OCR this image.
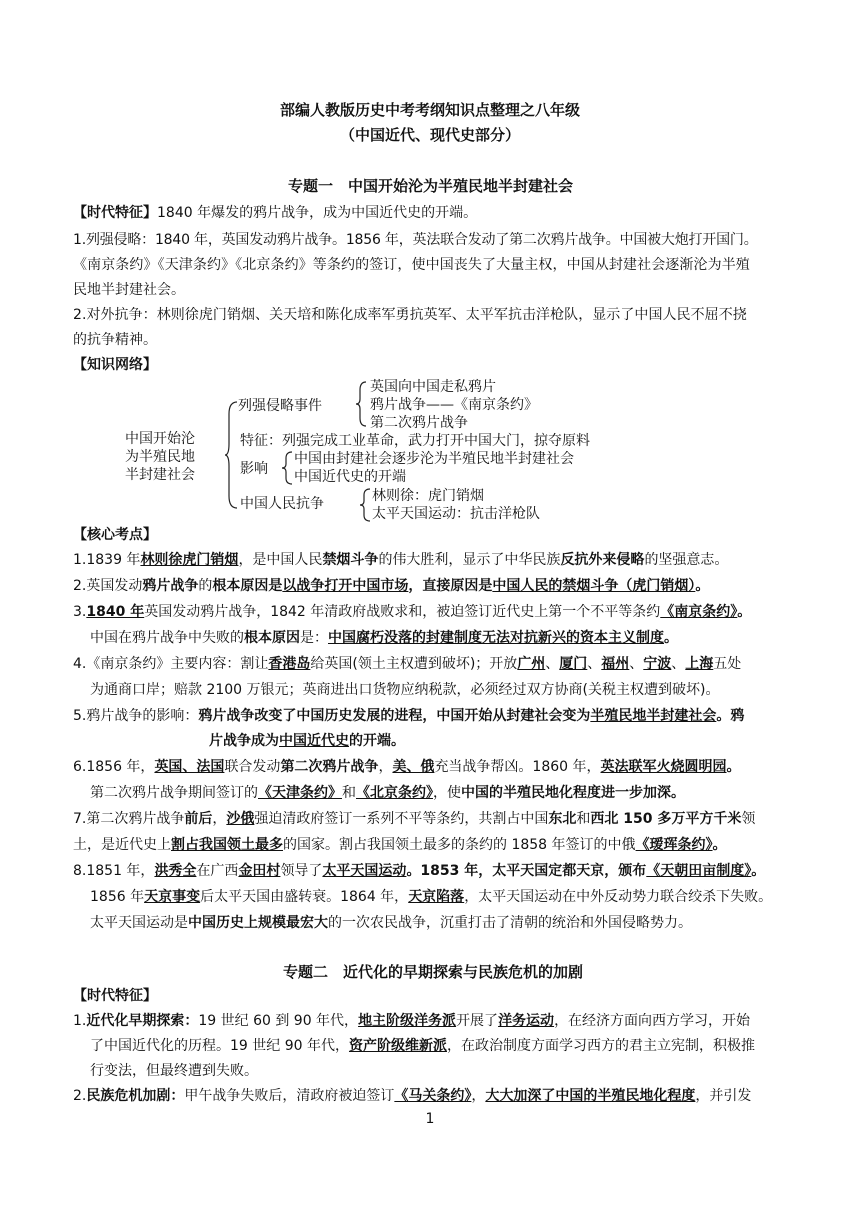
部编人教版历史中考考纲知识点整理之八年级
（中国近代、现代史部分）
专题一　中国开始沦为半殖民地半封建社会
【时代特征】1840 年爆发的鸦片战争，成为中国近代史的开端。
1.列强侵略：1840 年，英国发动鸦片战争。1856 年，英法联合发动了第二次鸦片战争。中国被大炮打开国门。
《南京条约》《天津条约》《北京条约》等条约的签订，使中国丧失了大量主权，中国从封建社会逐渐沦为半殖
民地半封建社会。
2.对外抗争：林则徐虎门销烟、关天培和陈化成率军勇抗英军、太平军抗击洋枪队，显示了中国人民不屈不挠
的抗争精神。
【知识网络】
中国开始沦
为半殖民地
半封建社会
列强侵略事件
英国向中国走私鸦片
鸦片战争——《南京条约》
第二次鸦片战争
特征：列强完成工业革命，武力打开中国大门，掠夺原料
影响
中国由封建社会逐步沦为半殖民地半封建社会
中国近代史的开端
中国人民抗争	林则徐：虎门销烟
太平天国运动：抗击洋枪队
【核心考点】
1.1839 年林则徐虎门销烟，是中国人民禁烟斗争的伟大胜利，显示了中华民族反抗外来侵略的坚强意志。
2.英国发动鸦片战争的根本原因是以战争打开中国市场，直接原因是中国人民的禁烟斗争（虎门销烟）。
3.1840 年英国发动鸦片战争，1842 年清政府战败求和，被迫签订近代史上第一个不平等条约《南京条约》。
中国在鸦片战争中失败的根本原因是：中国腐朽没落的封建制度无法对抗新兴的资本主义制度。
4.《南京条约》主要内容：割让香港岛给英国(领土主权遭到破坏)；开放广州、厦门、福州、宁波、上海五处
为通商口岸；赔款 2100 万银元；英商进出口货物应纳税款，必须经过双方协商(关税主权遭到破坏)。
5.鸦片战争的影响：鸦片战争改变了中国历史发展的进程，中国开始从封建社会变为半殖民地半封建社会。鸦
片战争成为中国近代史的开端。
6.1856 年，英国、法国联合发动第二次鸦片战争，美、俄充当战争帮凶。1860 年，英法联军火烧圆明园。
第二次鸦片战争期间签订的《天津条约》和《北京条约》，使中国的半殖民地化程度进一步加深。
7.第二次鸦片战争前后，沙俄强迫清政府签订一系列不平等条约，共割占中国东北和西北 150 多万平方千米领
土，是近代史上割占我国领土最多的国家。割占我国领土最多的条约的 1858 年签订的中俄《瑷珲条约》。
8.1851 年，洪秀全在广西金田村领导了太平天国运动。1853 年，太平天国定都天京，颁布《天朝田亩制度》。
1856 年天京事变后太平天国由盛转衰。1864 年，天京陷落，太平天国运动在中外反动势力联合绞杀下失败。
太平天国运动是中国历史上规模最宏大的一次农民战争，沉重打击了清朝的统治和外国侵略势力。
专题二　近代化的早期探索与民族危机的加剧
【时代特征】
1.近代化早期探索：19 世纪 60 到 90 年代，地主阶级洋务派开展了洋务运动，在经济方面向西方学习，开始
了中国近代化的历程。19 世纪 90 年代，资产阶级维新派，在政治制度方面学习西方的君主立宪制，积极推
行变法，但最终遭到失败。
2.民族危机加剧：甲午战争失败后，清政府被迫签订《马关条约》，大大加深了中国的半殖民地化程度，并引发
1
